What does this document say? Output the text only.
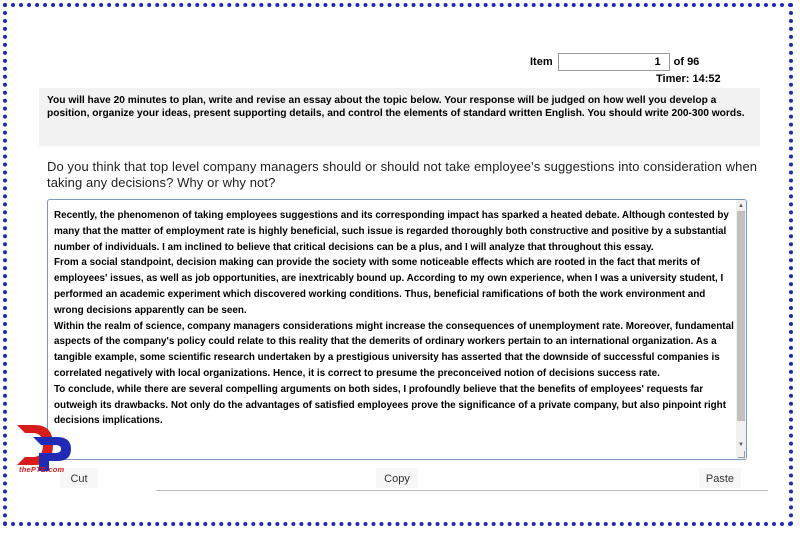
Item	1	of 96
Timer: 14:52
You will have 20 minutes to plan, write and revise an essay about the topic below. Your response will be judged on how well you develop a position, organize your ideas, present supporting details, and control the elements of standard written English. You should write 200-300 words.
Do you think that top level company managers should or should not take employee's suggestions into consideration when taking any decisions? Why or why not?

Recently, the phenomenon of taking employees suggestions and its corresponding impact has sparked a heated debate. Although contested by many that the matter of employment rate is highly beneficial, such issue is regarded thoroughly both constructive and positive by a substantial number of individuals. I am inclined to believe that critical decisions can be a plus, and I will analyze that throughout this essay.

From a social standpoint, decision making can provide the society with some noticeable effects which are rooted in the fact that merits of employees' issues, as well as job opportunities, are inextricably bound up. According to my own experience, when I was a university student, I performed an academic experiment which discovered working conditions. Thus, beneficial ramifications of both the work environment and wrong decisions apparently can be seen.

Within the realm of science, company managers considerations might increase the consequences of unemployment rate. Moreover, fundamental aspects of the company's policy could relate to this reality that the demerits of ordinary workers pertain to an international organization. As a tangible example, some scientific research undertaken by a prestigious university has asserted that the downside of successful companies is correlated negatively with local organizations. Hence, it is correct to presume the preconceived notion of decisions success rate.

To conclude, while there are several compelling arguments on both sides, I profoundly believe that the benefits of employees' requests far outweigh its drawbacks. Not only do the advantages of satisfied employees prove the significance of a private company, but also pinpoint right decisions implications.

▲
▼
Cut	Copy	Paste
thePTE.com
